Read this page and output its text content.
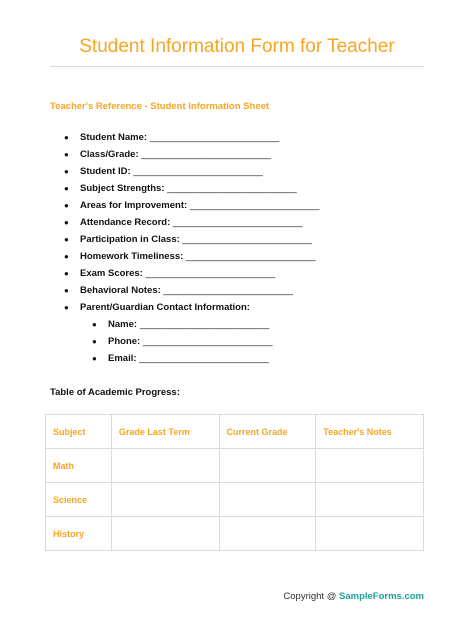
Student Information Form for Teacher
Teacher's Reference - Student Information Sheet
● Student Name: ___________________________
● Class/Grade: ___________________________
● Student ID: ___________________________
● Subject Strengths: ___________________________
● Areas for Improvement: ___________________________
● Attendance Record: ___________________________
● Participation in Class: ___________________________
● Homework Timeliness: ___________________________
● Exam Scores: ___________________________
● Behavioral Notes: ___________________________
● Parent/Guardian Contact Information:
● Name: ___________________________
● Phone: ___________________________
● Email: ___________________________
Table of Academic Progress:
Subject	Grade Last Term	Current Grade	Teacher's Notes
Math			
Science			
History			
Copyright @ SampleForms.com
